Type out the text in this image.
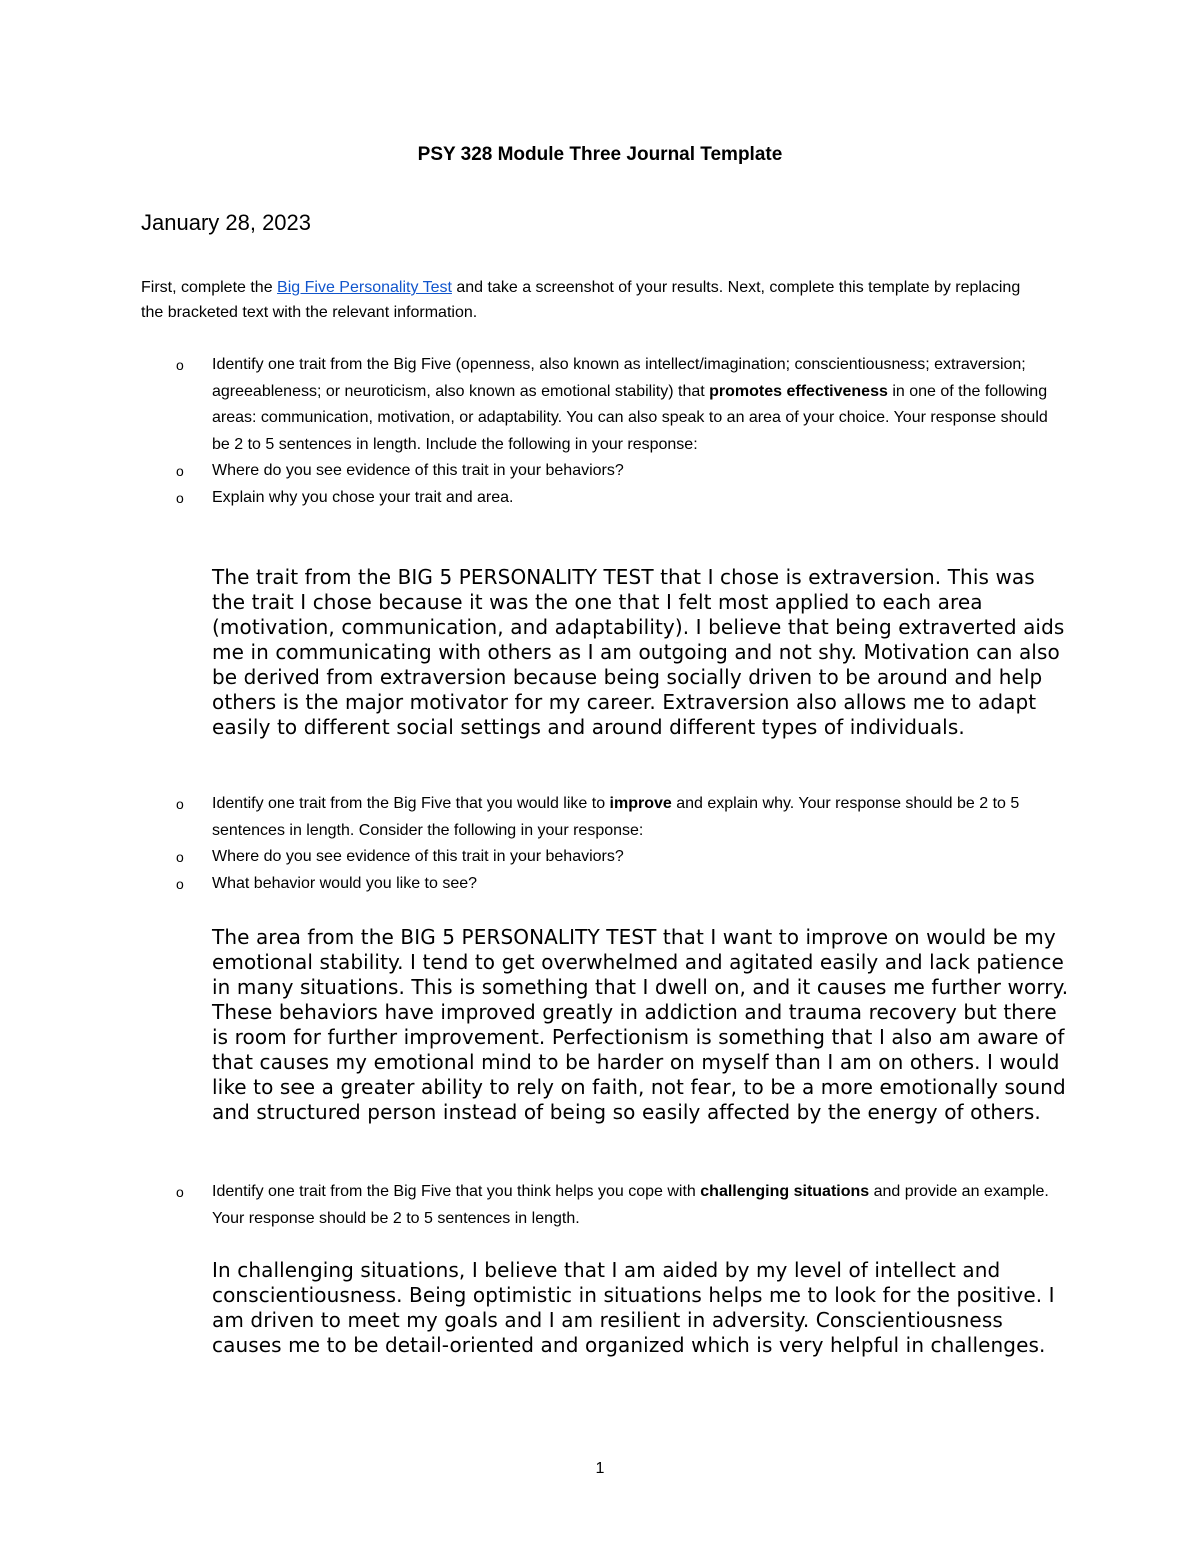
PSY 328 Module Three Journal Template
January 28, 2023
First, complete the Big Five Personality Test and take a screenshot of your results. Next, complete this template by replacing the bracketed text with the relevant information.
o Identify one trait from the Big Five (openness, also known as intellect/imagination; conscientiousness; extraversion; agreeableness; or neuroticism, also known as emotional stability) that promotes effectiveness in one of the following areas: communication, motivation, or adaptability. You can also speak to an area of your choice. Your response should be 2 to 5 sentences in length. Include the following in your response:
o Where do you see evidence of this trait in your behaviors?
o Explain why you chose your trait and area.
The trait from the BIG 5 PERSONALITY TEST that I chose is extraversion. This was the trait I chose because it was the one that I felt most applied to each area (motivation, communication, and adaptability). I believe that being extraverted aids me in communicating with others as I am outgoing and not shy. Motivation can also be derived from extraversion because being socially driven to be around and help others is the major motivator for my career. Extraversion also allows me to adapt easily to different social settings and around different types of individuals.
o Identify one trait from the Big Five that you would like to improve and explain why. Your response should be 2 to 5 sentences in length. Consider the following in your response:
o Where do you see evidence of this trait in your behaviors?
o What behavior would you like to see?
The area from the BIG 5 PERSONALITY TEST that I want to improve on would be my emotional stability. I tend to get overwhelmed and agitated easily and lack patience in many situations. This is something that I dwell on, and it causes me further worry. These behaviors have improved greatly in addiction and trauma recovery but there is room for further improvement. Perfectionism is something that I also am aware of that causes my emotional mind to be harder on myself than I am on others. I would like to see a greater ability to rely on faith, not fear, to be a more emotionally sound and structured person instead of being so easily affected by the energy of others.
o Identify one trait from the Big Five that you think helps you cope with challenging situations and provide an example. Your response should be 2 to 5 sentences in length.
In challenging situations, I believe that I am aided by my level of intellect and conscientiousness. Being optimistic in situations helps me to look for the positive. I am driven to meet my goals and I am resilient in adversity. Conscientiousness causes me to be detail-oriented and organized which is very helpful in challenges.
1
